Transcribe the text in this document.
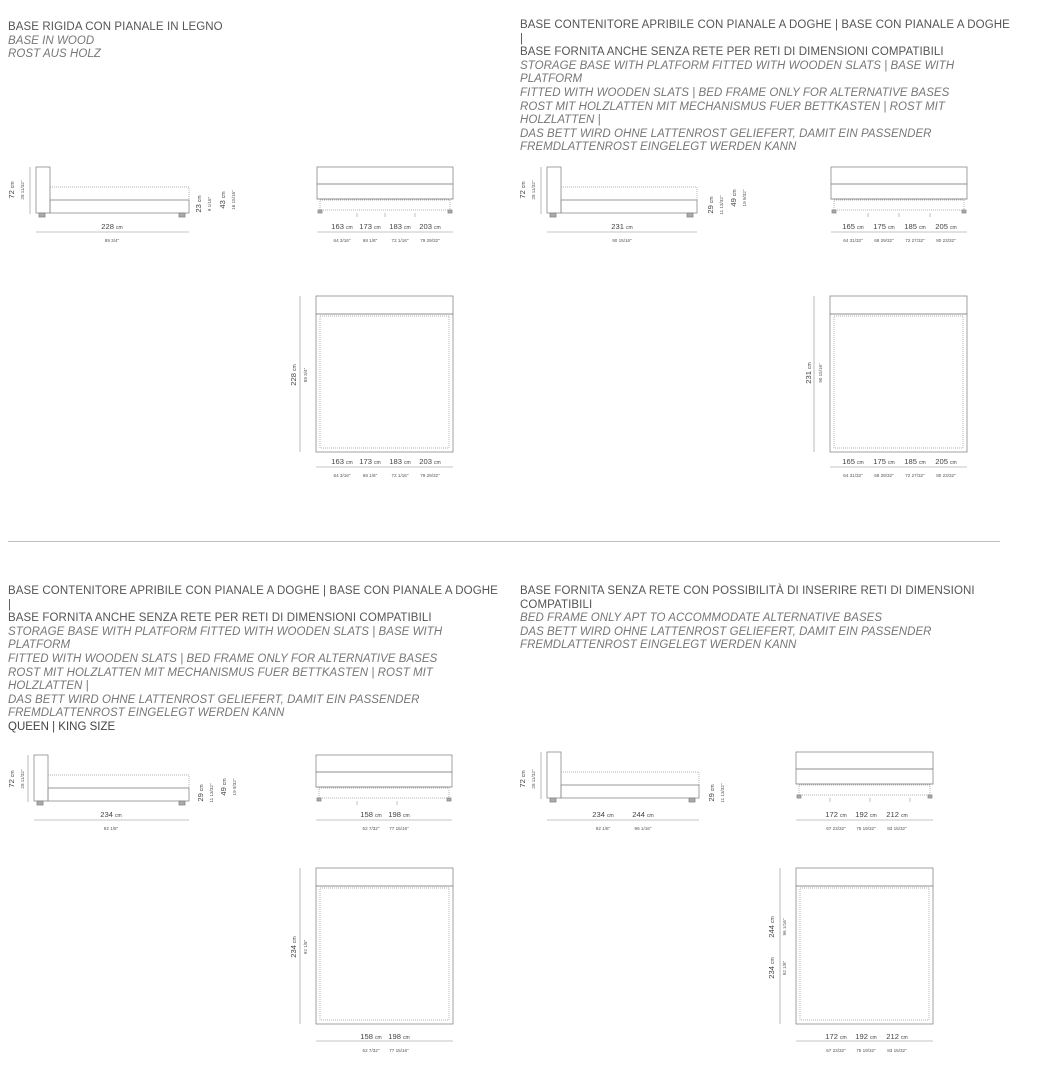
BASE RIGIDA CON PIANALE IN LEGNO
BASE IN WOOD
ROST AUS HOLZ
BASE CONTENITORE APRIBILE CON PIANALE A DOGHE | BASE CON PIANALE A DOGHE |
BASE FORNITA ANCHE SENZA RETE PER RETI DI DIMENSIONI COMPATIBILI
STORAGE BASE WITH PLATFORM FITTED WITH WOODEN SLATS | BASE WITH PLATFORM
FITTED WITH WOODEN SLATS | BED FRAME ONLY FOR ALTERNATIVE BASES
ROST MIT HOLZLATTEN MIT MECHANISMUS FUER BETTKASTEN | ROST MIT HOLZLATTEN |
DAS BETT WIRD OHNE LATTENROST GELIEFERT, DAMIT EIN PASSENDER
FREMDLATTENROST EINGELEGT WERDEN KANN
BASE CONTENITORE APRIBILE CON PIANALE A DOGHE | BASE CON PIANALE A DOGHE |
BASE FORNITA ANCHE SENZA RETE PER RETI DI DIMENSIONI COMPATIBILI
STORAGE BASE WITH PLATFORM FITTED WITH WOODEN SLATS | BASE WITH PLATFORM
FITTED WITH WOODEN SLATS | BED FRAME ONLY FOR ALTERNATIVE BASES
ROST MIT HOLZLATTEN MIT MECHANISMUS FUER BETTKASTEN | ROST MIT HOLZLATTEN |
DAS BETT WIRD OHNE LATTENROST GELIEFERT, DAMIT EIN PASSENDER
FREMDLATTENROST EINGELEGT WERDEN KANN
QUEEN | KING SIZE
BASE FORNITA SENZA RETE CON POSSIBILITÀ DI INSERIRE RETI DI DIMENSIONI
COMPATIBILI
BED FRAME ONLY APT TO ACCOMMODATE ALTERNATIVE BASES
DAS BETT WIRD OHNE LATTENROST GELIEFERT, DAMIT EIN PASSENDER
FREMDLATTENROST EINGELEGT WERDEN KANN
72 cm 28 11/32"
23 cm 9 1/16" 43 cm 16 15/16"
228 cm
89 3/4"
163 cm
64 3/16"
173 cm
68 1/8"
183 cm
72 1/16"
203 cm
79 29/32"
228 cm
89 3/4"
163 cm
64 3/16"
173 cm
68 1/8"
183 cm
72 1/16"
203 cm
79 29/32"
72 cm 28 11/32"
29 cm 11 13/32" 49 cm 19 9/32"
231 cm
90 15/16"
165 cm
64 31/32"
175 cm
68 29/32"
185 cm
72 27/32"
205 cm
80 23/32"
231 cm 90 15/16"
165 cm
64 31/32"
175 cm
68 29/32"
185 cm
72 27/32"
205 cm
80 23/32"
72 cm 28 11/32"
29 cm 11 13/32" 49 cm 19 9/32"
234 cm
92 1/8"
158 cm
62 7/32"
198 cm
77 15/16"
234 cm
92 1/8"
158 cm
62 7/32"
198 cm
77 15/16"
72 cm 28 11/32"
29 cm 11 13/32"
234 cm
92 1/8"
244 cm
96 1/16"
172 cm
67 23/32"
192 cm
75 19/32"
212 cm
83 15/32"
234 cm
92 1/8"
244 cm 96 1/16"
172 cm
67 23/32"
192 cm
75 19/32"
212 cm
83 15/32"
